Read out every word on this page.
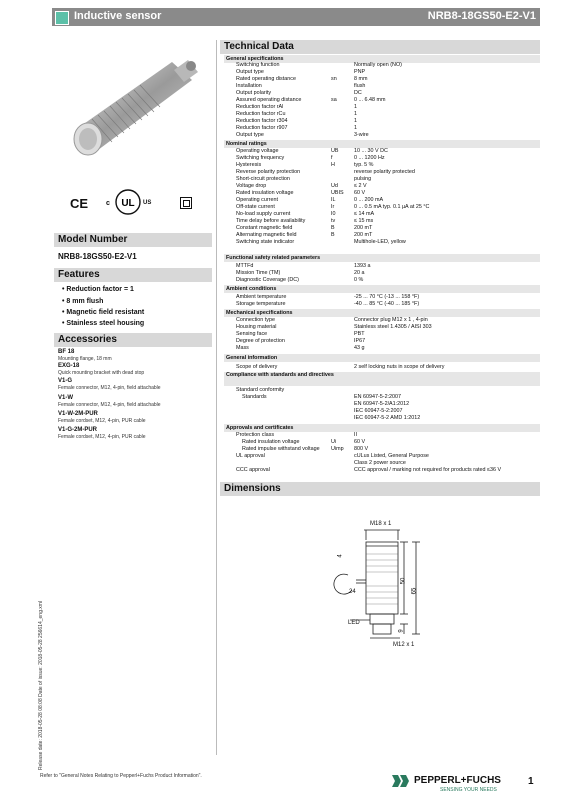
Inductive sensor	NRB8-18GS50-E2-V1
CE	UL
c	US
Model Number
NRB8-18GS50-E2-V1
Features
• Reduction factor = 1
• 8 mm flush
• Magnetic field resistant
• Stainless steel housing
Accessories
BF 18
Mounting flange, 18 mm
EXG-18
Quick mounting bracket with dead stop
V1-G
Female connector, M12, 4-pin, field attachable
V1-W
Female connector, M12, 4-pin, field attachable
V1-W-2M-PUR
Female cordset, M12, 4-pin, PUR cable
V1-G-2M-PUR
Female cordset, M12, 4-pin, PUR cable
Technical Data
General specifications
Switching function	Normally open (NO)
Output type	PNP
Rated operating distance	sn	8 mm
Installation	flush
Output polarity	DC
Assured operating distance	sa	0 ... 6.48 mm
Reduction factor rAl	1
Reduction factor rCu	1
Reduction factor r304	1
Reduction factor r907	1
Output type	3-wire
Nominal ratings
Operating voltage	UB	10 ... 30 V DC
Switching frequency	f	0 ... 1200 Hz
Hysteresis	H	typ. 5 %
Reverse polarity protection	reverse polarity protected
Short-circuit protection	pulsing
Voltage drop	Ud	≤ 2 V
Rated insulation voltage	UBIS 60 V
Operating current	IL	0 ... 200 mA
Off-state current	Ir	0 ... 0.5 mA typ. 0.1 µA at 25 °C
No-load supply current	I0	≤ 14 mA
Time delay before availability	tv	≤ 15 ms
Constant magnetic field	B	200 mT
Alternating magnetic field	B	200 mT
Switching state indicator	Multihole-LED, yellow
Functional safety related parameters
MTTFd	1393 a
Mission Time (TM)	20 a
Diagnostic Coverage (DC)	0 %
Ambient conditions
Ambient temperature	-25 ... 70 °C (-13 ... 158 °F)
Storage temperature	-40 ... 85 °C (-40 ... 185 °F)
Mechanical specifications
Connection type	Connector plug M12 x 1 , 4-pin
Housing material	Stainless steel 1.4305 / AISI 303
Sensing face	PBT
Degree of protection	IP67
Mass	43 g
General information
Scope of delivery	2 self locking nuts in scope of delivery
Compliance with standards and directives
Standard conformity
Standards	EN 60947-5-2:2007
EN 60947-5-2/A1:2012
IEC 60947-5-2:2007
IEC 60947-5-2 AMD 1:2012
Approvals and certificates
Protection class	II
Rated insulation voltage	Ui	60 V
Rated impulse withstand voltage Uimp 800 V
UL approval	cULus Listed, General Purpose
Class 2 power source
CCC approval	CCC approval / marking not required for products rated ≤36 V
Dimensions
M18 x 1
4
24
50
65
LED
9
M12 x 1
Release date: 2018-05-28 08:08 Date of issue: 2018-05-28 256614_eng.xml
Refer to "General Notes Relating to Pepperl+Fuchs Product Information".	PEPPERL+FUCHS
SENSING YOUR NEEDS
1
